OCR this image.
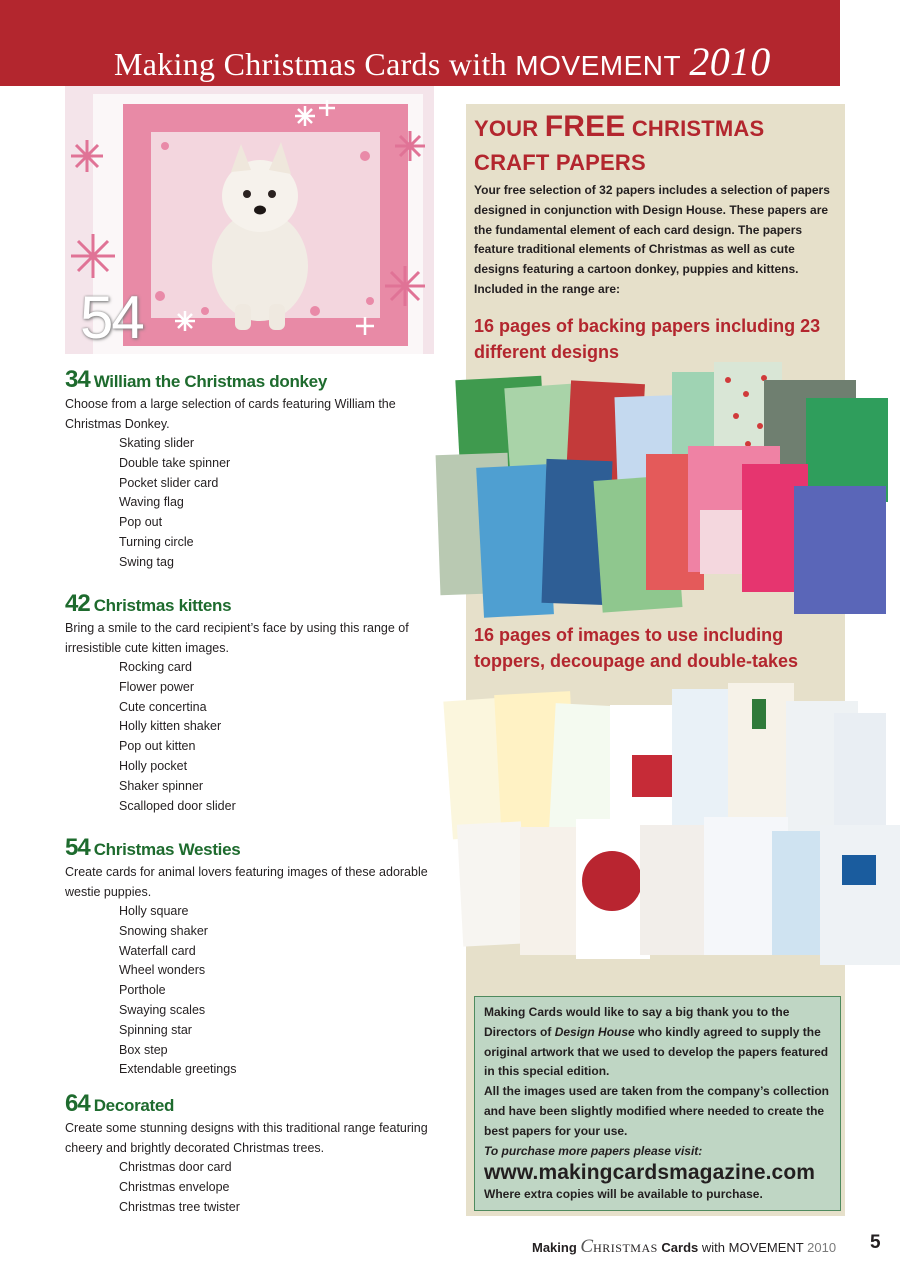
Making Christmas Cards with MOVEMENT 2010
54
34 William the Christmas donkey

Choose from a large selection of cards featuring William the Christmas Donkey.

Skating slider
Double take spinner
Pocket slider card
Waving flag
Pop out
Turning circle
Swing tag
42 Christmas kittens

Bring a smile to the card recipient’s face by using this range of irresistible cute kitten images.

Rocking card
Flower power
Cute concertina
Holly kitten shaker
Pop out kitten
Holly pocket
Shaker spinner
Scalloped door slider
54 Christmas Westies

Create cards for animal lovers featuring images of these adorable westie puppies.

Holly square
Snowing shaker
Waterfall card
Wheel wonders
Porthole
Swaying scales
Spinning star
Box step
Extendable greetings
64 Decorated

Create some stunning designs with this traditional range featuring cheery and brightly decorated Christmas trees.

Christmas door card
Christmas envelope
Christmas tree twister
YOUR FREE CHRISTMAS
CRAFT PAPERS

Your free selection of 32 papers includes a selection of papers designed in conjunction with Design House. These papers are the fundamental element of each card design. The papers feature traditional elements of Christmas as well as cute designs featuring a cartoon donkey, puppies and kittens. Included in the range are:

16 pages of backing papers including 23 different designs
16 pages of images to use including toppers, decoupage and double-takes

Making Cards would like to say a big thank you to the Directors of Design House who kindly agreed to supply the original artwork that we used to develop the papers featured in this special edition.

All the images used are taken from the company’s collection and have been slightly modified where needed to create the best papers for your use.

To purchase more papers please visit:

www.makingcardsmagazine.com

Where extra copies will be available to purchase.

Making CHRISTMAS Cards with MOVEMENT 2010 5
